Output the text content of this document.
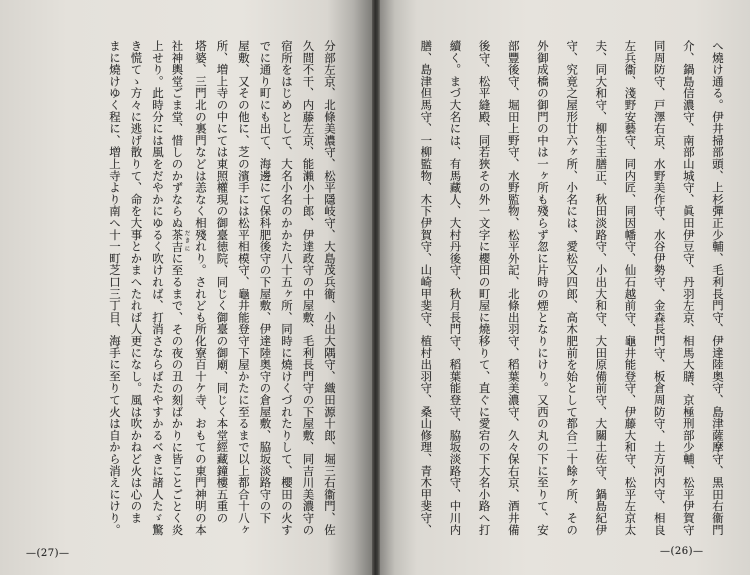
分部左京、北條美濃守、松平隱岐守、大島茂兵衞、小出大隅守、織田源十郎、堀三右衞門、佐

久間不干、内藤左京、能瀨小十郎、伊達政守の中屋敷、毛利長門守の下屋敷、同吉川美濃守の

宿所をはじめとして、大名小名のかかた八十五ヶ所、同時に燒けくづれたりして、櫻田の火す

でに通り町にも出て、海邊にて保科肥後守の下屋敷、伊達陸奥守の倉屋敷、脇坂淡路守の下

屋敷、又その他に、芝の濱手には松平相模守、龜井能登守下屋かたに至るまで以上都合十八ヶ

所、増上寺の中にては東照權現の御臺徳院、同じく御臺の御廟、同じく本堂經藏鐘樓五重の

塔婆、三門北の裏門などは恙なく相殘れり。されども所化寮百十ケ寺、おもての東門神明の本

社神輿堂ごま堂、惜しのかずならぬ茶吉 だきにに至るまで、その夜の丑の刻ばかりに皆ことごとく炎

上せり。此時分には風をだやかにゆるく吹ければ、打消さならばたやすかるべきに諸人たゞ驚

き慌てゝ方々に逃げ散りて、命を大事とかまへたれば人更になし。風は吹かねど火は心のま

まに燒けゆく程に、増上寺より南へ十一町芝口三丁目、海手に至りて火は自から消えにけり。

—(27)—

へ燒け通る。伊井掃部頭、上杉彈正少輔、毛利長門守、伊達陸奥守、島津薩摩守、黒田右衞門

介、鍋島信濃守、南部山城守、眞田伊豆守、丹羽左京、相馬大膳、京極刑部少輔、松平伊賀守

同周防守、戸澤右京、水野美作守、水谷伊勢守、金森長門守、板倉周防守、土方河内守、相良

左兵衞、淺野安藝守、同内匠、同因幡守、仙石越前守、龜井能登守、伊藤大和守、松平左京太

夫、同大和守、柳生主膳正、秋田淡路守、小出大和守、大田原備前守、大關土佐守、鍋島紀伊

守、究竟之屋形廿六ヶ所、小名には、愛松又四郎、高木肥前を始として都合二十餘ヶ所、その

外御成橋の御門の中は一ヶ所も殘らず忽に片時の煙となりにけり。又西の丸の下に至りて、安

部豐後守、堀田上野守、水野監物、松平外記、北條出羽守、稻葉美濃守、久々保右京、酒井備

後守、松平縫殿、同若狹その外一文字に櫻田の町屋に燒移りて、直ぐに愛宕の下大名小路へ打

續く。まづ大名には、有馬藏人、大村丹後守、秋月長門守、稻葉能登守、脇坂淡路守、中川内

膳、島津但馬守、一柳監物、木下伊賀守、山崎甲斐守、植村出羽守、桑山修理、青木甲斐守、

—(26)—
